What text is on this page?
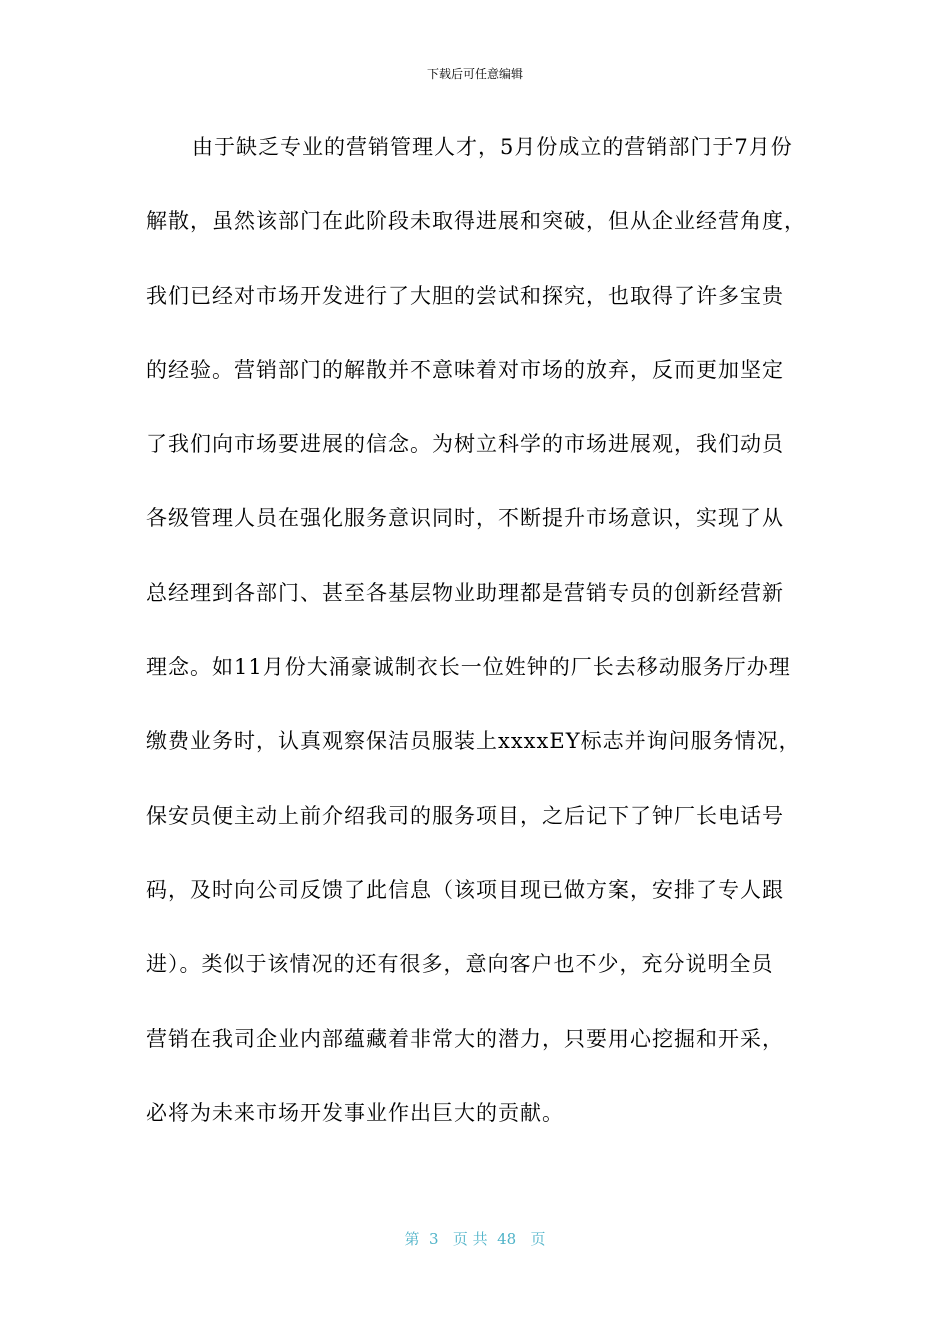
下载后可任意编辑
由于缺乏专业的营销管理人才，5月份成立的营销部门于7月份
解散，虽然该部门在此阶段未取得进展和突破，但从企业经营角度，
我们已经对市场开发进行了大胆的尝试和探究，也取得了许多宝贵
的经验。营销部门的解散并不意味着对市场的放弃，反而更加坚定
了我们向市场要进展的信念。为树立科学的市场进展观，我们动员
各级管理人员在强化服务意识同时，不断提升市场意识，实现了从
总经理到各部门、甚至各基层物业助理都是营销专员的创新经营新
理念。如11月份大涌豪诚制衣长一位姓钟的厂长去移动服务厅办理
缴费业务时，认真观察保洁员服装上xxxxEY标志并询问服务情况，
保安员便主动上前介绍我司的服务项目，之后记下了钟厂长电话号
码，及时向公司反馈了此信息（该项目现已做方案，安排了专人跟
进）。类似于该情况的还有很多，意向客户也不少，充分说明全员
营销在我司企业内部蕴藏着非常大的潜力，只要用心挖掘和开采，
必将为未来市场开发事业作出巨大的贡献。
第  3   页 共  48   页
